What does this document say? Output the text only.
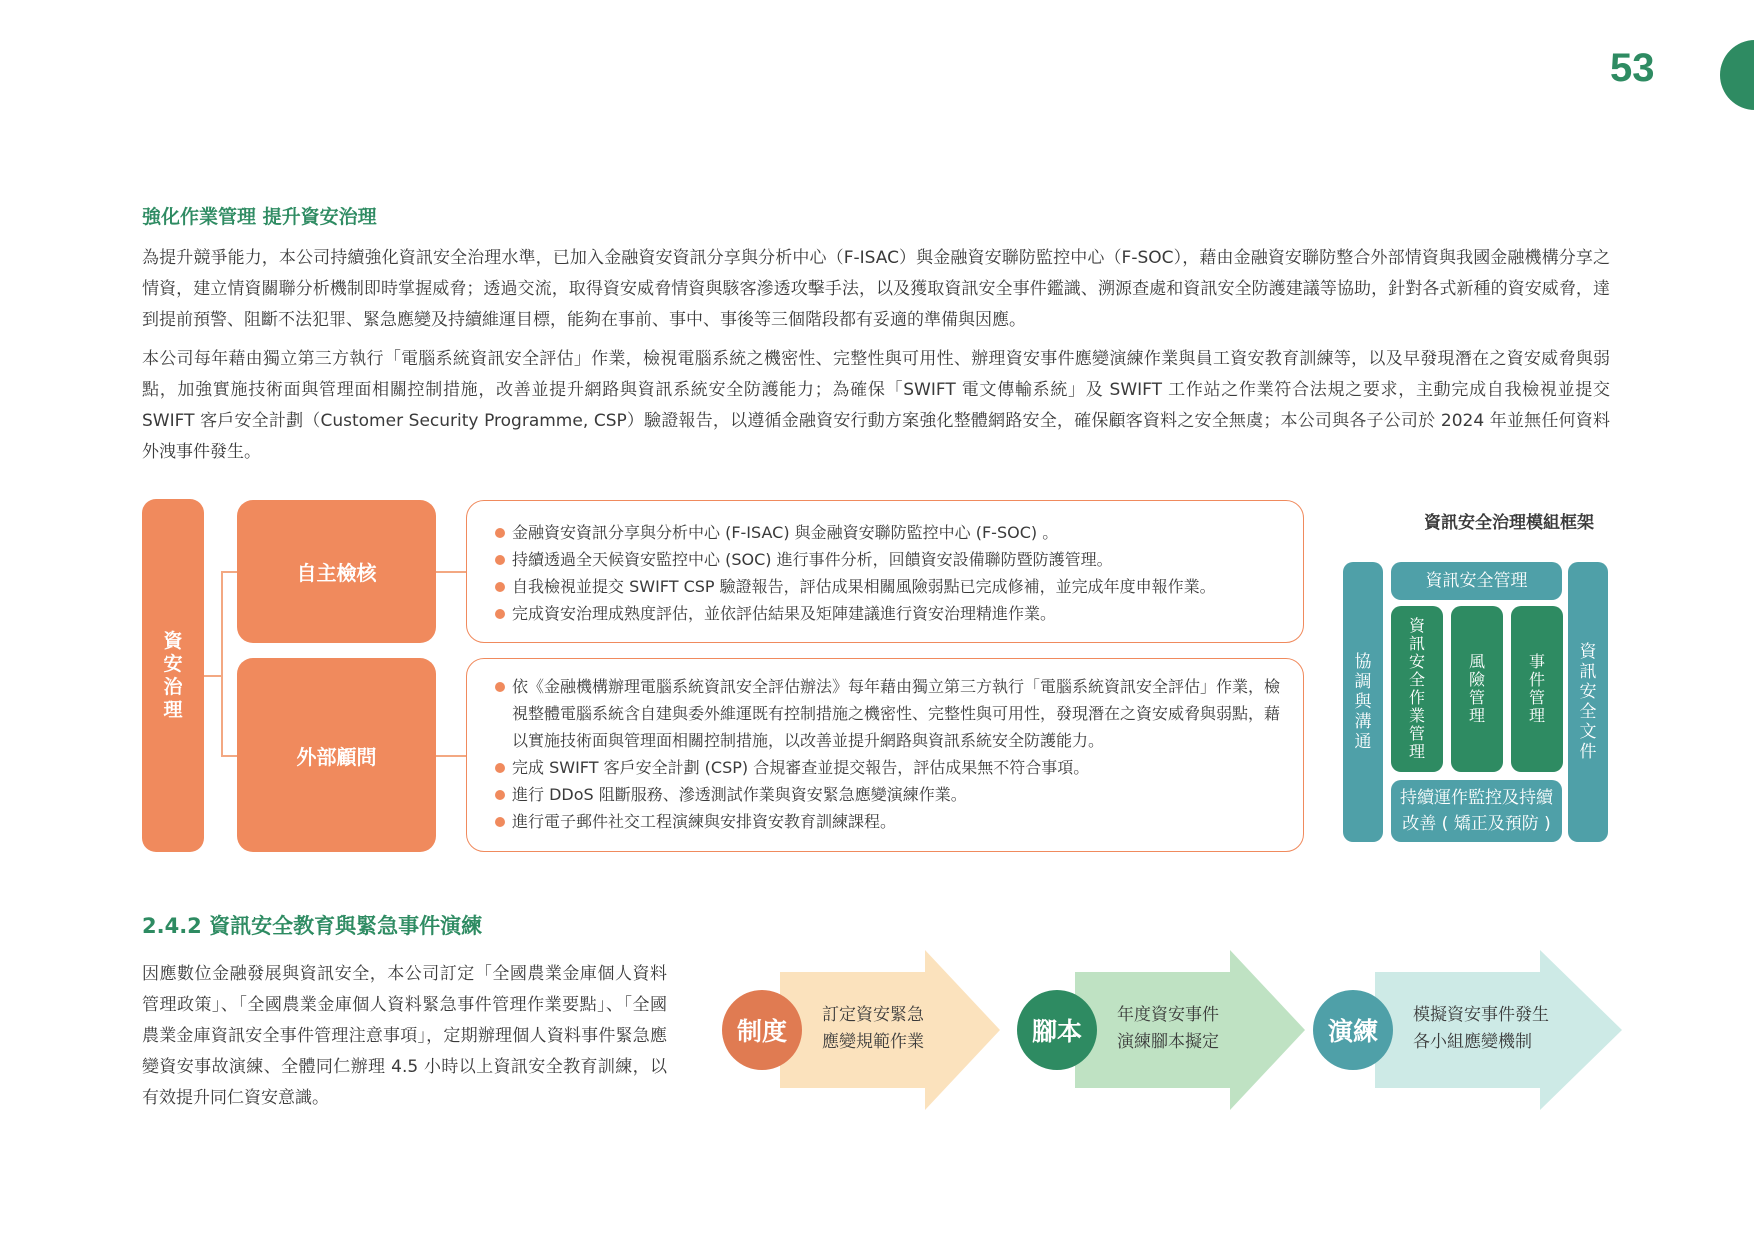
53
強化作業管理 提升資安治理

為提升競爭能力，本公司持續強化資訊安全治理水準，已加入金融資安資訊分享與分析中心（F-ISAC）與金融資安聯防監控中心（F-SOC），藉由金融資安聯防整合外部情資與我國金融機構分享之情資，建立情資關聯分析機制即時掌握威脅；透過交流，取得資安威脅情資與駭客滲透攻擊手法，以及獲取資訊安全事件鑑識、溯源查處和資訊安全防護建議等協助，針對各式新種的資安威脅，達到提前預警、阻斷不法犯罪、緊急應變及持續維運目標，能夠在事前、事中、事後等三個階段都有妥適的準備與因應。

本公司每年藉由獨立第三方執行「電腦系統資訊安全評估」作業，檢視電腦系統之機密性、完整性與可用性、辦理資安事件應變演練作業與員工資安教育訓練等，以及早發現潛在之資安威脅與弱點，加強實施技術面與管理面相關控制措施，改善並提升網路與資訊系統安全防護能力；為確保「SWIFT 電文傳輸系統」及 SWIFT 工作站之作業符合法規之要求，主動完成自我檢視並提交 SWIFT 客戶安全計劃（Customer Security Programme, CSP）驗證報告，以遵循金融資安行動方案強化整體網路安全，確保顧客資料之安全無虞；本公司與各子公司於 2024 年並無任何資料外洩事件發生。

資安治理
自主檢核
外部顧問
金融資安資訊分享與分析中心 (F-ISAC) 與金融資安聯防監控中心 (F-SOC) 。
持續透過全天候資安監控中心 (SOC) 進行事件分析，回饋資安設備聯防暨防護管理。
自我檢視並提交 SWIFT CSP 驗證報告，評估成果相關風險弱點已完成修補，並完成年度申報作業。
完成資安治理成熟度評估，並依評估結果及矩陣建議進行資安治理精進作業。
依《金融機構辦理電腦系統資訊安全評估辦法》每年藉由獨立第三方執行「電腦系統資訊安全評估」作業，檢視整體電腦系統含自建與委外維運既有控制措施之機密性、完整性與可用性，發現潛在之資安威脅與弱點，藉以實施技術面與管理面相關控制措施，以改善並提升網路與資訊系統安全防護能力。
完成 SWIFT 客戶安全計劃 (CSP) 合規審查並提交報告，評估成果無不符合事項。
進行 DDoS 阻斷服務、滲透測試作業與資安緊急應變演練作業。
進行電子郵件社交工程演練與安排資安教育訓練課程。
資訊安全治理模組框架
協調與溝通
資訊安全文件
資訊安全管理
資訊安全作業管理
風險管理
事件管理
持續運作監控及持續
改善 ( 矯正及預防 )
2.4.2 資訊安全教育與緊急事件演練

因應數位金融發展與資訊安全，本公司訂定「全國農業金庫個人資料管理政策」、「全國農業金庫個人資料緊急事件管理作業要點」、「全國農業金庫資訊安全事件管理注意事項」，定期辦理個人資料事件緊急應變資安事故演練、全體同仁辦理 4.5 小時以上資訊安全教育訓練，以有效提升同仁資安意識。

制度
訂定資安緊急
應變規範作業	腳本
年度資安事件
演練腳本擬定	演練
模擬資安事件發生
各小組應變機制
